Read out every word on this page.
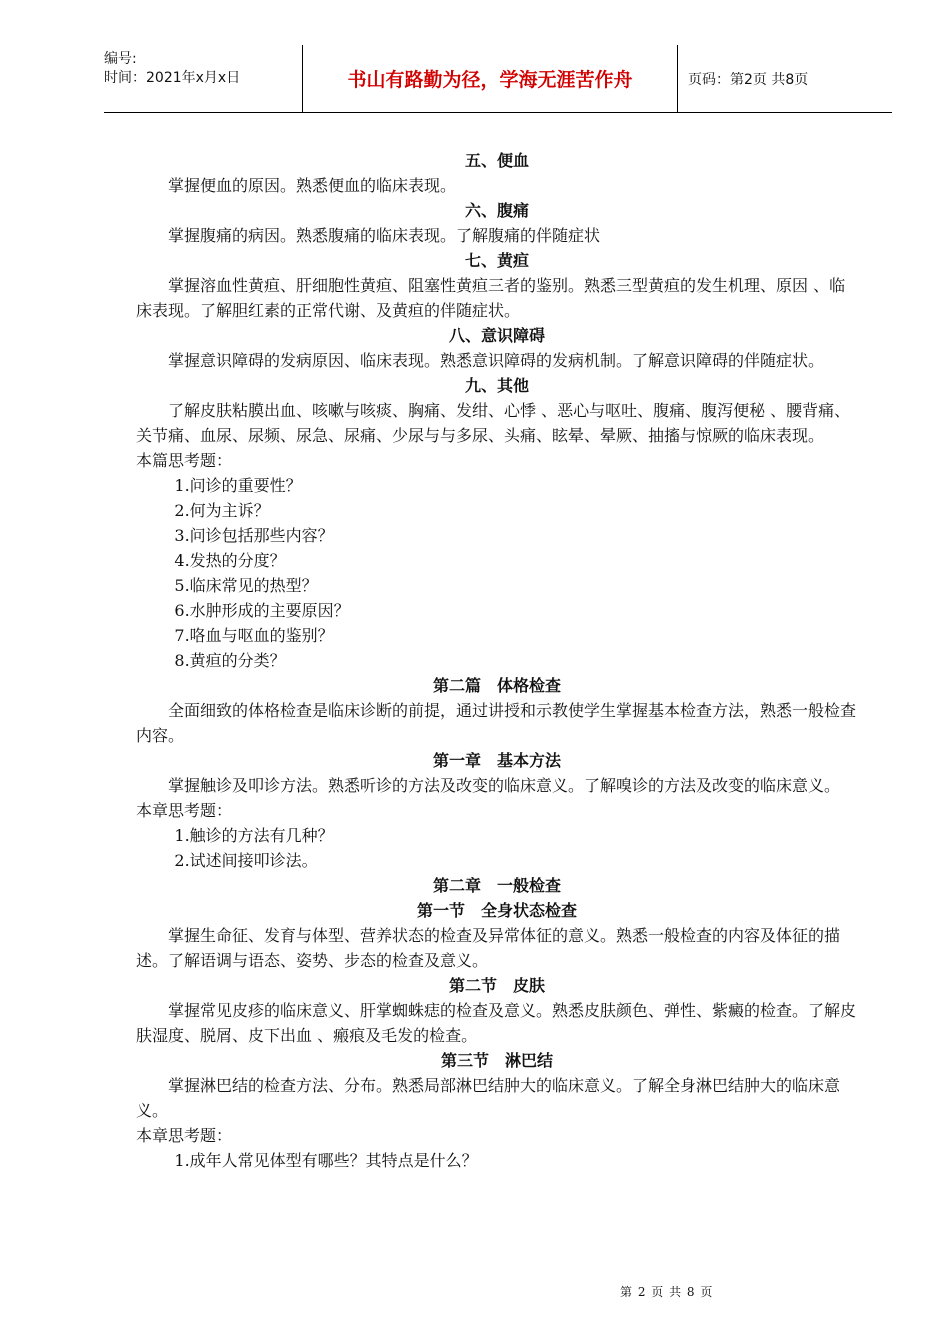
编号:
时间：2021年x月x日	书山有路勤为径，学海无涯苦作舟	页码：第2页 共8页

五、便血

掌握便血的原因。熟悉便血的临床表现。

六、腹痛

掌握腹痛的病因。熟悉腹痛的临床表现。了解腹痛的伴随症状

七、黄疸

掌握溶血性黄疸、肝细胞性黄疸、阻塞性黄疸三者的鉴别。熟悉三型黄疸的发生机理、原因 、临床表现。了解胆红素的正常代谢、及黄疸的伴随症状。

八、意识障碍

掌握意识障碍的发病原因、临床表现。熟悉意识障碍的发病机制。了解意识障碍的伴随症状。

九、其他

了解皮肤粘膜出血、咳嗽与咳痰、胸痛、发绀、心悸 、恶心与呕吐、腹痛、腹泻便秘 、腰背痛、关节痛、血尿、尿频、尿急、尿痛、少尿与与多尿、头痛、眩晕、晕厥、抽搐与惊厥的临床表现。

本篇思考题：

1.问诊的重要性？

2.何为主诉？

3.问诊包括那些内容？

4.发热的分度？

5.临床常见的热型？

6.水肿形成的主要原因？

7.咯血与呕血的鉴别？

8.黄疸的分类？

第二篇　体格检查

全面细致的体格检查是临床诊断的前提，通过讲授和示教使学生掌握基本检查方法，熟悉一般检查内容。

第一章　基本方法

掌握触诊及叩诊方法。熟悉听诊的方法及改变的临床意义。了解嗅诊的方法及改变的临床意义。

本章思考题：

1.触诊的方法有几种？

2.试述间接叩诊法。

第二章　一般检查

第一节　全身状态检查

掌握生命征、发育与体型、营养状态的检查及异常体征的意义。熟悉一般检查的内容及体征的描述。了解语调与语态、姿势、步态的检查及意义。

第二节　皮肤

掌握常见皮疹的临床意义、肝掌蜘蛛痣的检查及意义。熟悉皮肤颜色、弹性、紫癜的检查。了解皮肤湿度、脱屑、皮下出血 、瘢痕及毛发的检查。

第三节　淋巴结

掌握淋巴结的检查方法、分布。熟悉局部淋巴结肿大的临床意义。了解全身淋巴结肿大的临床意义。

本章思考题：

1.成年人常见体型有哪些？其特点是什么？

第 2 页 共 8 页
